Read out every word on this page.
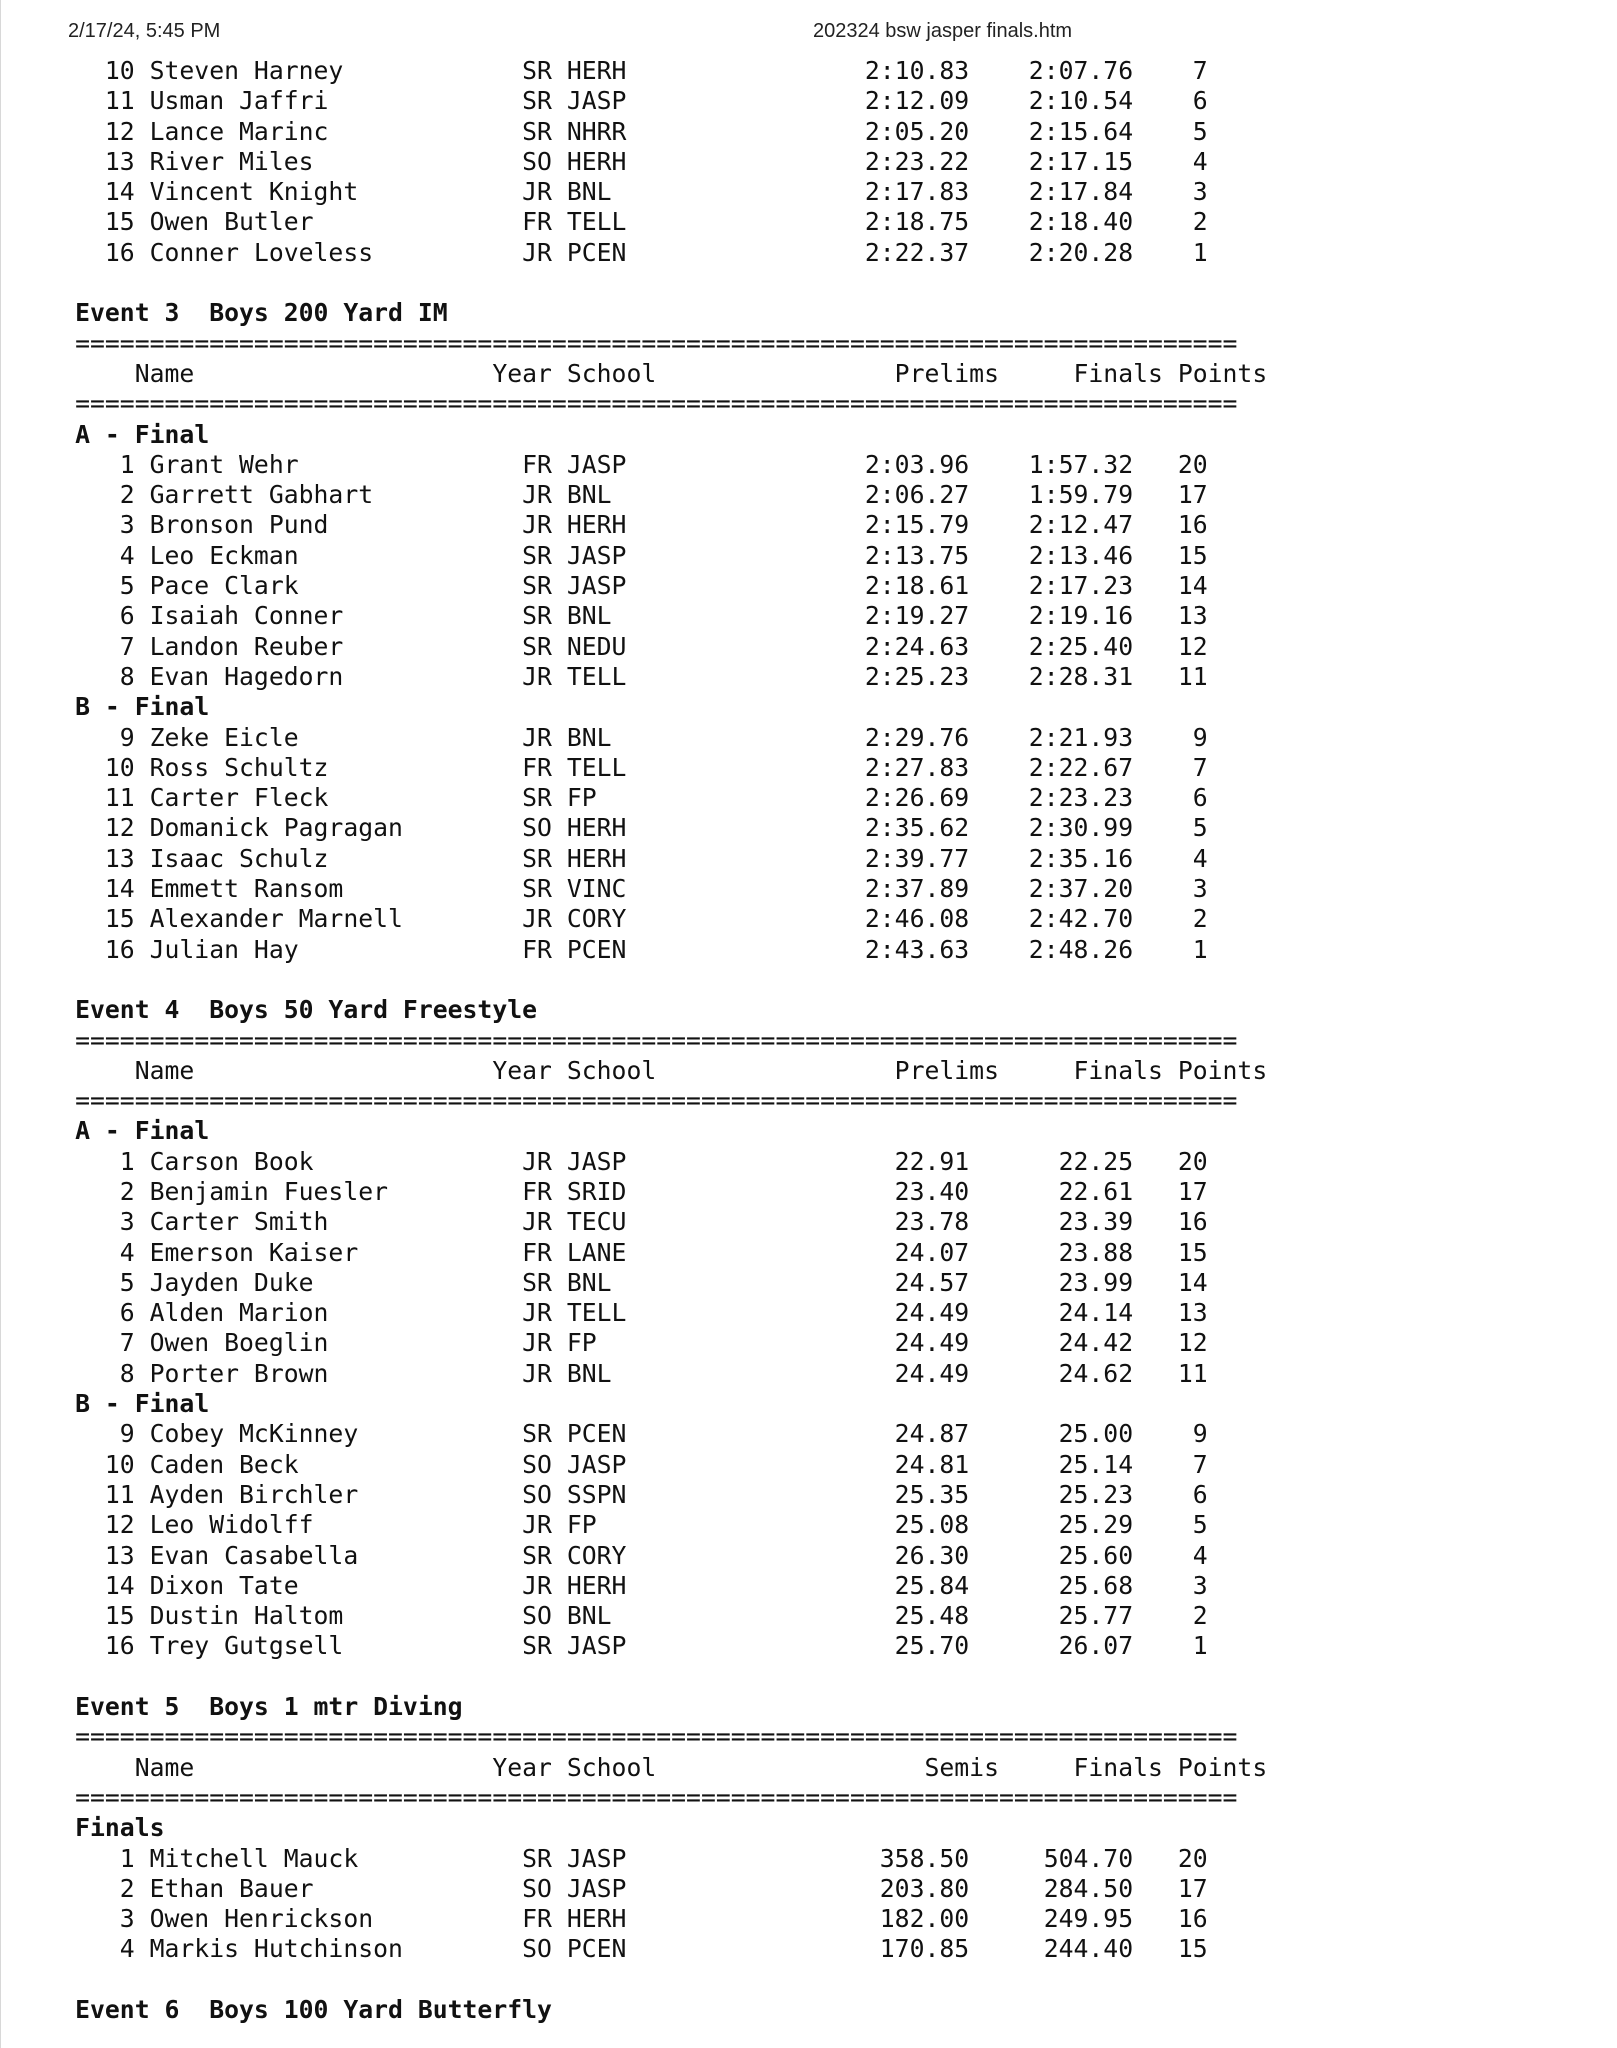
2/17/24, 5:45 PM	202324 bsw jasper finals.htm
10 Steven Harney            SR HERH	2:10.83    2:07.76    7
11 Usman Jaffri             SR JASP	2:12.09    2:10.54    6
12 Lance Marinc             SR NHRR	2:05.20    2:15.64    5
13 River Miles              SO HERH	2:23.22    2:17.15    4
14 Vincent Knight           JR BNL	2:17.83    2:17.84    3
15 Owen Butler              FR TELL	2:18.75    2:18.40    2
16 Conner Loveless          JR PCEN	2:22.37    2:20.28    1
Event 3  Boys 200 Yard IM
==============================================================================
Name                    Year School	Prelims     Finals Points
==============================================================================
A - Final
1 Grant Wehr               FR JASP	2:03.96    1:57.32   20
2 Garrett Gabhart          JR BNL	2:06.27    1:59.79   17
3 Bronson Pund             JR HERH	2:15.79    2:12.47   16
4 Leo Eckman               SR JASP	2:13.75    2:13.46   15
5 Pace Clark               SR JASP	2:18.61    2:17.23   14
6 Isaiah Conner            SR BNL	2:19.27    2:19.16   13
7 Landon Reuber            SR NEDU	2:24.63    2:25.40   12
8 Evan Hagedorn            JR TELL	2:25.23    2:28.31   11
B - Final
9 Zeke Eicle               JR BNL	2:29.76    2:21.93    9
10 Ross Schultz             FR TELL	2:27.83    2:22.67    7
11 Carter Fleck             SR FP	2:26.69    2:23.23    6
12 Domanick Pagragan        SO HERH	2:35.62    2:30.99    5
13 Isaac Schulz             SR HERH	2:39.77    2:35.16    4
14 Emmett Ransom            SR VINC	2:37.89    2:37.20    3
15 Alexander Marnell        JR CORY	2:46.08    2:42.70    2
16 Julian Hay               FR PCEN	2:43.63    2:48.26    1
Event 4  Boys 50 Yard Freestyle
==============================================================================
Name                    Year School	Prelims     Finals Points
==============================================================================
A - Final
1 Carson Book              JR JASP	22.91      22.25   20
2 Benjamin Fuesler         FR SRID	23.40      22.61   17
3 Carter Smith             JR TECU	23.78      23.39   16
4 Emerson Kaiser           FR LANE	24.07      23.88   15
5 Jayden Duke              SR BNL	24.57      23.99   14
6 Alden Marion             JR TELL	24.49      24.14   13
7 Owen Boeglin             JR FP	24.49      24.42   12
8 Porter Brown             JR BNL	24.49      24.62   11
B - Final
9 Cobey McKinney           SR PCEN	24.87      25.00    9
10 Caden Beck               SO JASP	24.81      25.14    7
11 Ayden Birchler           SO SSPN	25.35      25.23    6
12 Leo Widolff              JR FP	25.08      25.29    5
13 Evan Casabella           SR CORY	26.30      25.60    4
14 Dixon Tate               JR HERH	25.84      25.68    3
15 Dustin Haltom            SO BNL	25.48      25.77    2
16 Trey Gutgsell            SR JASP	25.70      26.07    1
Event 5  Boys 1 mtr Diving
==============================================================================
Name                    Year School	Semis     Finals Points
==============================================================================
Finals
1 Mitchell Mauck           SR JASP	358.50     504.70   20
2 Ethan Bauer              SO JASP	203.80     284.50   17
3 Owen Henrickson          FR HERH	182.00     249.95   16
4 Markis Hutchinson        SO PCEN	170.85     244.40   15
Event 6  Boys 100 Yard Butterfly
